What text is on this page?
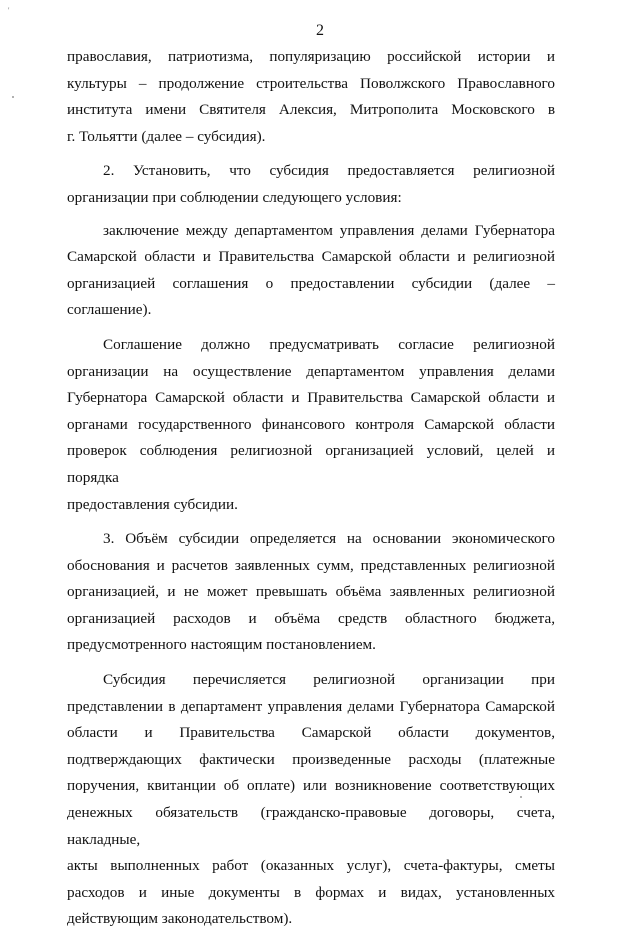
'
2

православия, патриотизма, популяризацию российской истории и
культуры – продолжение строительства Поволжского Православного
института имени Святителя Алексия, Митрополита Московского в
г. Тольятти (далее – субсидия).

2. Установить, что субсидия предоставляется религиозной
организации при соблюдении следующего условия:

заключение между департаментом управления делами Губернатора
Самарской области и Правительства Самарской области и религиозной
организацией соглашения о предоставлении субсидии (далее –
соглашение).

Соглашение должно предусматривать согласие религиозной
организации на осуществление департаментом управления делами
Губернатора Самарской области и Правительства Самарской области и
органами государственного финансового контроля Самарской области
проверок соблюдения религиозной организацией условий, целей и порядка
предоставления субсидии.

3. Объём субсидии определяется на основании экономического
обоснования и расчетов заявленных сумм, представленных религиозной
организацией, и не может превышать объёма заявленных религиозной
организацией расходов и объёма средств областного бюджета,
предусмотренного настоящим постановлением.

Субсидия перечисляется религиозной организации при
представлении в департамент управления делами Губернатора Самарской
области и Правительства Самарской области документов,
подтверждающих фактически произведенные расходы (платежные
поручения, квитанции об оплате) или возникновение соответствующих
денежных обязательств (гражданско-правовые договоры, счета, накладные,
акты выполненных работ (оказанных услуг), счета-фактуры, сметы
расходов и иные документы в формах и видах, установленных
действующим законодательством).
